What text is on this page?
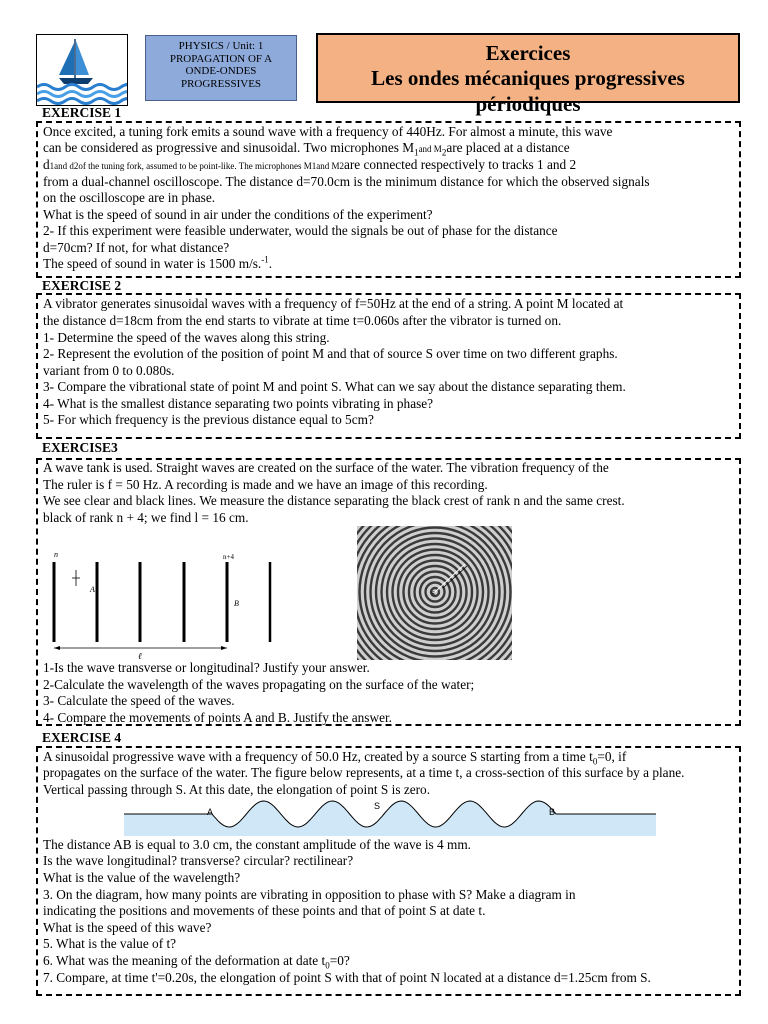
PHYSICS / Unit: 1
PROPAGATION OF A
ONDE-ONDES
PROGRESSIVES
Exercices
Les ondes mécaniques progressives périodiques
EXERCISE 1
Once excited, a tuning fork emits a sound wave with a frequency of 440Hz. For almost a minute, this wave
can be considered as progressive and sinusoidal. Two microphones $M_1and$ $M_2are$ placed at a distance
d1and d2of the tuning fork, assumed to be point-like. The microphones M1and M2are connected respectively to tracks 1 and 2
from a dual-channel oscilloscope. The distance d=70.0cm is the minimum distance for which the observed signals
on the oscilloscope are in phase.
What is the speed of sound in air under the conditions of the experiment?
2- If this experiment were feasible underwater, would the signals be out of phase for the distance
d=70cm? If not, for what distance?
The speed of sound in water is 1500 m/s.$^{-1}$.
EXERCISE 2
A vibrator generates sinusoidal waves with a frequency of f=50Hz at the end of a string. A point M located at
the distance d=18cm from the end starts to vibrate at time t=0.060s after the vibrator is turned on.
1- Determine the speed of the waves along this string.
2- Represent the evolution of the position of point M and that of source S over time on two different graphs.
variant from 0 to 0.080s.
3- Compare the vibrational state of point M and point S. What can we say about the distance separating them.
4- What is the smallest distance separating two points vibrating in phase?
5- For which frequency is the previous distance equal to 5cm?
EXERCISE3
A wave tank is used. Straight waves are created on the surface of the water. The vibration frequency of the
The ruler is f = 50 Hz. A recording is made and we have an image of this recording.
We see clear and black lines. We measure the distance separating the black crest of rank n and the same crest.
black of rank n + 4; we find l = 16 cm.
n	n+4
A
B
ℓ
S
1-Is the wave transverse or longitudinal? Justify your answer.
2-Calculate the wavelength of the waves propagating on the surface of the water;
3- Calculate the speed of the waves.
4- Compare the movements of points A and B. Justify the answer.
EXERCISE 4
A sinusoidal progressive wave with a frequency of 50.0 Hz, created by a source S starting from a time $t_0=0$, if
propagates on the surface of the water. The figure below represents, at a time t, a cross-section of this surface by a plane.
Vertical passing through S. At this date, the elongation of point S is zero.
A
S
B
The distance AB is equal to 3.0 cm, the constant amplitude of the wave is 4 mm.
Is the wave longitudinal? transverse? circular? rectilinear?
What is the value of the wavelength?
3. On the diagram, how many points are vibrating in opposition to phase with S? Make a diagram in
indicating the positions and movements of these points and that of point S at date t.
What is the speed of this wave?
5. What is the value of t?
6. What was the meaning of the deformation at date $t_0=0$?
7. Compare, at time t'=0.20s, the elongation of point S with that of point N located at a distance d=1.25cm from S.
